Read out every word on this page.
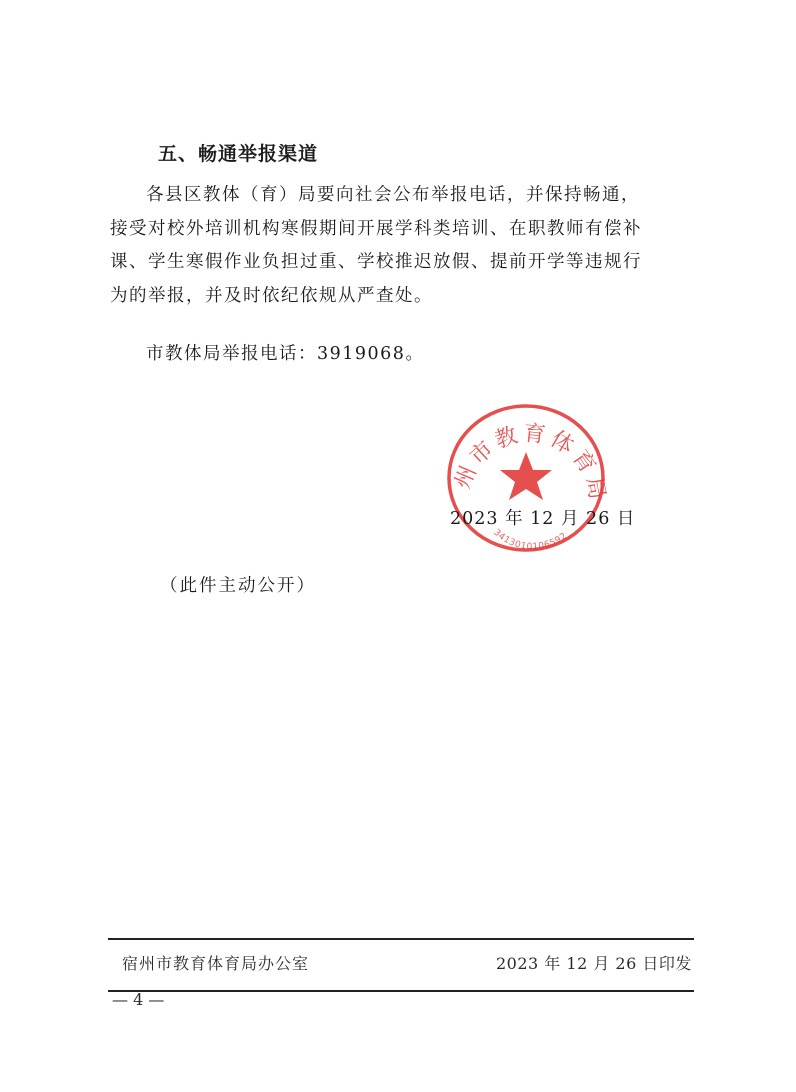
五、畅通举报渠道
各县区教体（育）局要向社会公布举报电话，并保持畅通，
接受对校外培训机构寒假期间开展学科类培训、在职教师有偿补
课、学生寒假作业负担过重、学校推迟放假、提前开学等违规行
为的举报，并及时依纪依规从严查处。
市教体局举报电话：3919068。
州市教育体育局
3413010106592
2023 年 12 月 26 日
（此件主动公开）
宿州市教育体育局办公室	2023 年 12 月 26 日印发
— 4 —
